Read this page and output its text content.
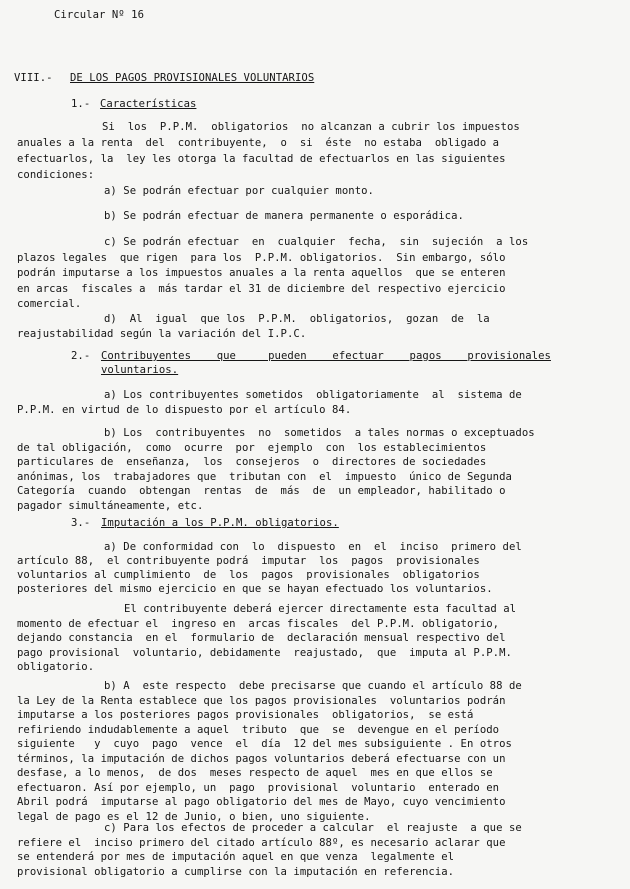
Circular Nº 16
VIII.- DE LOS PAGOS PROVISIONALES VOLUNTARIOS
1.- Características
Si  los  P.P.M.  obligatorios  no alcanzan a cubrir los impuestos
anuales a la renta  del  contribuyente,  o  si  éste  no estaba  obligado a
efectuarlos, la  ley les otorga la facultad de efectuarlos en las siguientes
condiciones:
a) Se podrán efectuar por cualquier monto.
b) Se podrán efectuar de manera permanente o esporádica.
c) Se podrán efectuar  en  cualquier  fecha,  sin  sujeción  a los
plazos legales  que rigen  para los  P.P.M. obligatorios.  Sin embargo, sólo
podrán imputarse a los impuestos anuales a la renta aquellos  que se enteren
en arcas  fiscales a  más tardar el 31 de diciembre del respectivo ejercicio
comercial.
d)  Al  igual  que los  P.P.M.  obligatorios,  gozan  de  la
reajustabilidad según la variación del I.P.C.
2.- Contribuyentes    que     pueden    efectuar    pagos    provisionales
voluntarios.
a) Los contribuyentes sometidos  obligatoriamente  al  sistema de
P.P.M. en virtud de lo dispuesto por el artículo 84.
b) Los  contribuyentes  no  sometidos  a tales normas o exceptuados
de tal obligación,  como  ocurre  por  ejemplo  con  los establecimientos
particulares de  enseñanza,  los  consejeros  o  directores de sociedades
anónimas, los  trabajadores que  tributan con  el  impuesto  único de Segunda
Categoría  cuando  obtengan  rentas  de  más  de  un empleador, habilitado o
pagador simultáneamente, etc.
3.- Imputación a los P.P.M. obligatorios.
a) De conformidad con  lo  dispuesto  en  el  inciso  primero del
artículo 88,  el contribuyente podrá  imputar  los  pagos  provisionales
voluntarios al cumplimiento  de  los  pagos  provisionales  obligatorios
posteriores del mismo ejercicio en que se hayan efectuado los voluntarios.
El contribuyente deberá ejercer directamente esta facultad al
momento de efectuar el  ingreso en  arcas fiscales  del P.P.M. obligatorio,
dejando constancia  en el  formulario de  declaración mensual respectivo del
pago provisional  voluntario, debidamente  reajustado,  que  imputa al P.P.M.
obligatorio.
b) A  este respecto  debe precisarse que cuando el artículo 88 de
la Ley de la Renta establece que los pagos provisionales  voluntarios podrán
imputarse a los posteriores pagos provisionales  obligatorios,  se está
refiriendo indudablemente a aquel  tributo  que  se  devengue en el período
siguiente   y  cuyo  pago  vence  el  día  12 del mes subsiguiente . En otros
términos, la imputación de dichos pagos voluntarios deberá efectuarse con un
desfase, a lo menos,  de dos  meses respecto de aquel  mes en que ellos se
efectuaron. Así por ejemplo, un  pago  provisional  voluntario  enterado en
Abril podrá  imputarse al pago obligatorio del mes de Mayo, cuyo vencimiento
legal de pago es el 12 de Junio, o bien, uno siguiente.
c) Para los efectos de proceder a calcular  el reajuste  a que se
refiere el  inciso primero del citado artículo 88º, es necesario aclarar que
se entenderá por mes de imputación aquel en que venza  legalmente el
provisional obligatorio a cumplirse con la imputación en referencia.
